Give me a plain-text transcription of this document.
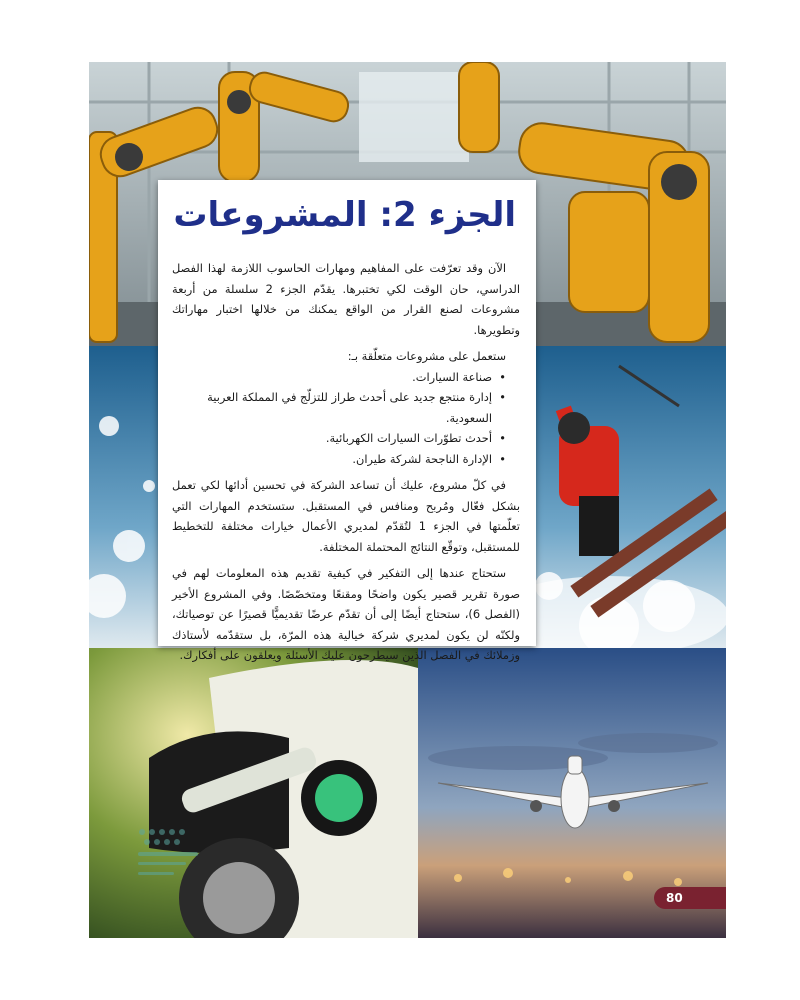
الجزء 2: المشروعات

الآن وقد تعرّفت على المفاهيم ومهارات الحاسوب اللازمة لهذا الفصل الدراسي، حان الوقت لكي تختبرها. يقدّم الجزء 2 سلسلة من أربعة مشروعات لصنع القرار من الواقع يمكنك من خلالها اختبار مهاراتك وتطويرها.

ستعمل على مشروعات متعلّقة بـ:

• صناعة السيارات.
• إدارة منتجع جديد على أحدث طراز للتزلّج في المملكة العربية السعودية.
• أحدث تطوّرات السيارات الكهربائية.
• الإدارة الناجحة لشركة طيران.

في كلّ مشروع، عليك أن تساعد الشركة في تحسين أدائها لكي تعمل بشكل فعّال ومُربح ومنافس في المستقبل. ستستخدم المهارات التي تعلّمتها في الجزء 1 لتُقدّم لمديري الأعمال خيارات مختلفة للتخطيط للمستقبل، وتوقّع النتائج المحتملة المختلفة.

ستحتاج عندها إلى التفكير في كيفية تقديم هذه المعلومات لهم في صورة تقرير قصير يكون واضحًا ومقنعًا ومتخصّصًا. وفي المشروع الأخير (الفصل 6)، ستحتاج أيضًا إلى أن تقدّم عرضًا تقديميًّا قصيرًا عن توصياتك، ولكنّه لن يكون لمديري شركة خيالية هذه المرّة، بل ستقدّمه لأستاذك وزملائك في الفصل الذين سيطرحون عليك الأسئلة ويعلقون على أفكارك.

80
